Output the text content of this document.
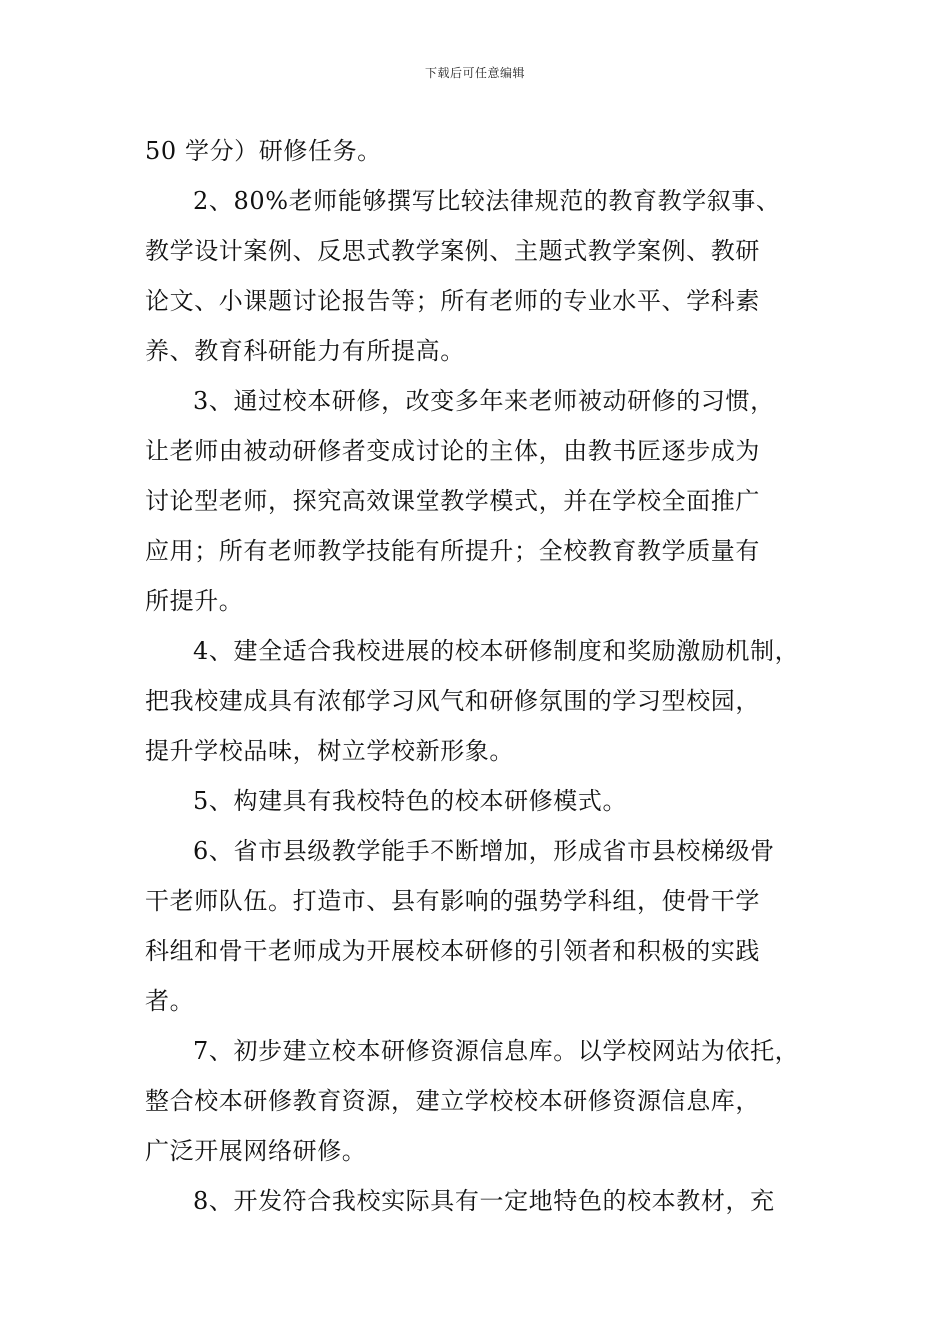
下载后可任意编辑
50 学分）研修任务。
2、80%老师能够撰写比较法律规范的教育教学叙事、
教学设计案例、反思式教学案例、主题式教学案例、教研
论文、小课题讨论报告等；所有老师的专业水平、学科素
养、教育科研能力有所提高。
3、通过校本研修，改变多年来老师被动研修的习惯，
让老师由被动研修者变成讨论的主体，由教书匠逐步成为
讨论型老师，探究高效课堂教学模式，并在学校全面推广
应用；所有老师教学技能有所提升；全校教育教学质量有
所提升。
4、建全适合我校进展的校本研修制度和奖励激励机制，
把我校建成具有浓郁学习风气和研修氛围的学习型校园，
提升学校品味，树立学校新形象。
5、构建具有我校特色的校本研修模式。
6、省市县级教学能手不断增加，形成省市县校梯级骨
干老师队伍。打造市、县有影响的强势学科组，使骨干学
科组和骨干老师成为开展校本研修的引领者和积极的实践
者。
7、初步建立校本研修资源信息库。以学校网站为依托，
整合校本研修教育资源，建立学校校本研修资源信息库，
广泛开展网络研修。
8、开发符合我校实际具有一定地特色的校本教材，充
